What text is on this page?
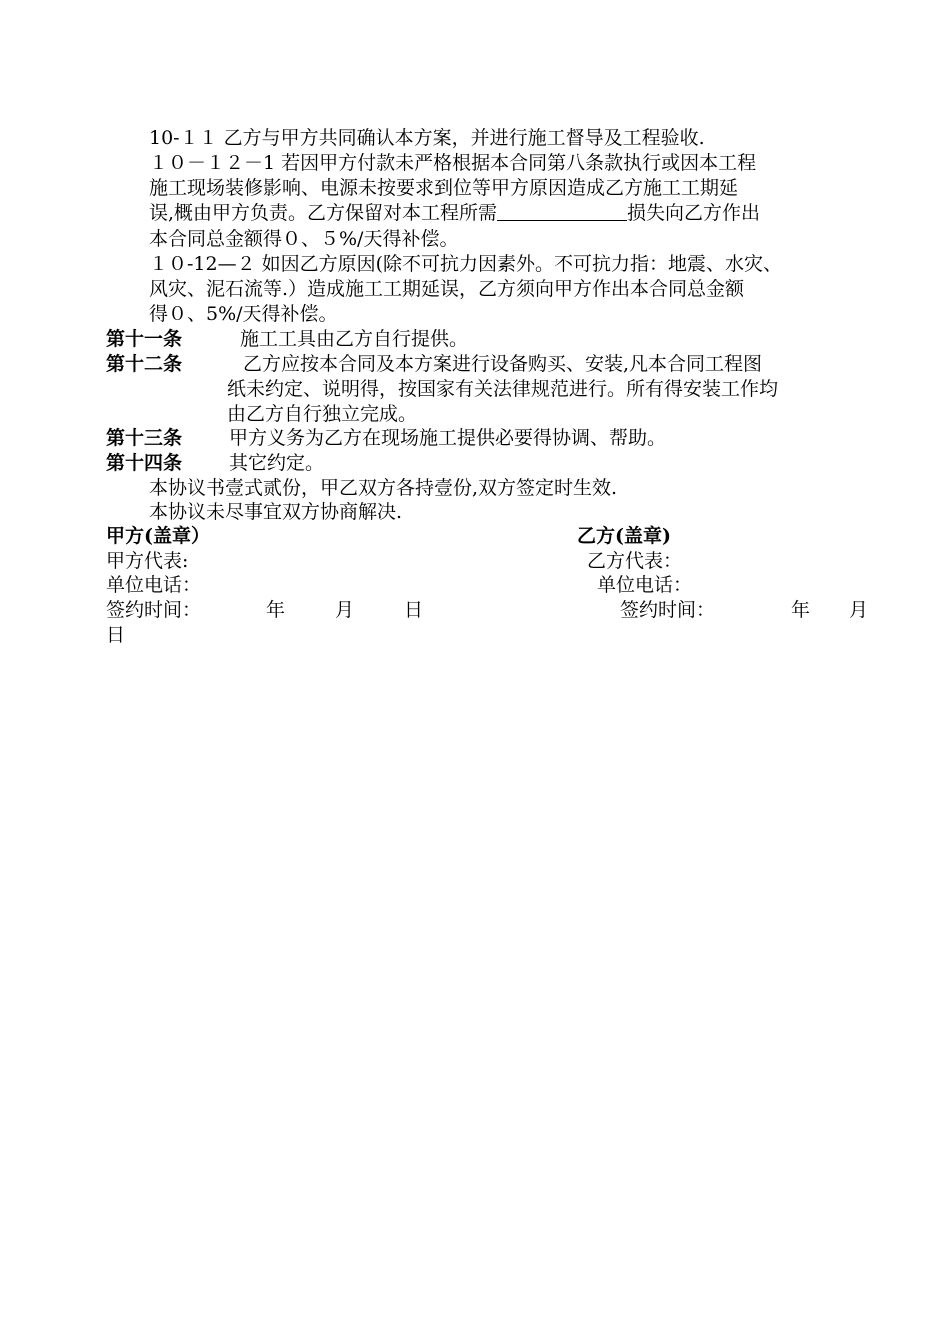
10-１１ 乙方与甲方共同确认本方案，并进行施工督导及工程验收.
１０－１２－1 若因甲方付款未严格根据本合同第八条款执行或因本工程
施工现场装修影响、电源未按要求到位等甲方原因造成乙方施工工期延
误,概由甲方负责。乙方保留对本工程所需	损失向乙方作出
本合同总金额得０、５%/天得补偿。
１０-12—２ 如因乙方原因(除不可抗力因素外。不可抗力指：地震、水灾、
风灾、泥石流等.）造成施工工期延误，乙方须向甲方作出本合同总金额
得０、5%/天得补偿。
第十一条	施工工具由乙方自行提供。
第十二条	乙方应按本合同及本方案进行设备购买、安装,凡本合同工程图
纸未约定、说明得，按国家有关法律规范进行。所有得安装工作均
由乙方自行独立完成。
第十三条 甲方义务为乙方在现场施工提供必要得协调、帮助。
第十四条 其它约定。
本协议书壹式贰份，甲乙双方各持壹份,双方签定时生效.
本协议未尽事宜双方协商解决.
甲方(盖章）	乙方(盖章)
甲方代表:	乙方代表：
单位电话：	单位电话：
签约时间：	年	月	日	签约时间：	年 月
日
